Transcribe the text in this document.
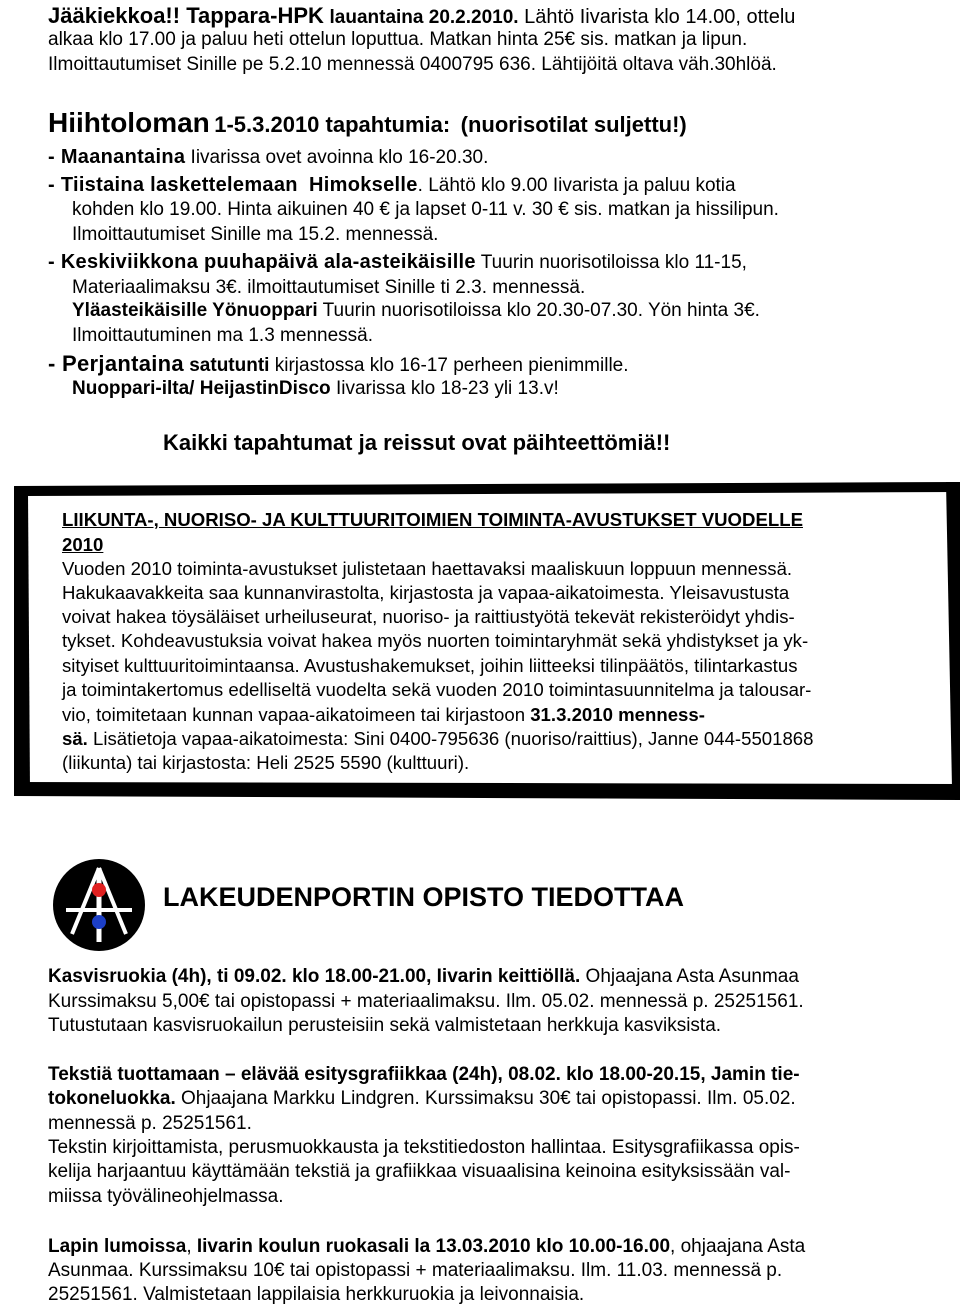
Jääkiekkoa!! Tappara-HPK lauantaina 20.2.2010. Lähtö Iivarista klo 14.00, ottelu
alkaa klo 17.00 ja paluu heti ottelun loputtua. Matkan hinta 25€ sis. matkan ja lipun.
Ilmoittautumiset Sinille pe 5.2.10 mennessä 0400795 636. Lähtijöitä oltava väh.30hlöä.
Hiihtoloman 1-5.3.2010 tapahtumia: (nuorisotilat suljettu!)
- Maanantaina Iivarissa ovet avoinna klo 16-20.30.
- Tiistaina laskettelemaan Himokselle. Lähtö klo 9.00 Iivarista ja paluu kotia
kohden klo 19.00. Hinta aikuinen 40 € ja lapset 0-11 v. 30 € sis. matkan ja hissilipun.
Ilmoittautumiset Sinille ma 15.2. mennessä.
- Keskiviikkona puuhapäivä ala-asteikäisille Tuurin nuorisotiloissa klo 11-15,
Materiaalimaksu 3€. ilmoittautumiset Sinille ti 2.3. mennessä.
Yläasteikäisille Yönuoppari Tuurin nuorisotiloissa klo 20.30-07.30. Yön hinta 3€.
Ilmoittautuminen ma 1.3 mennessä.
- Perjantaina satutunti kirjastossa klo 16-17 perheen pienimmille.
Nuoppari-ilta/ HeijastinDisco Iivarissa klo 18-23 yli 13.v!
Kaikki tapahtumat ja reissut ovat päihteettömiä!!
LIIKUNTA-, NUORISO- JA KULTTUURITOIMIEN TOIMINTA-AVUSTUKSET VUODELLE
2010
Vuoden 2010 toiminta-avustukset julistetaan haettavaksi maaliskuun loppuun mennessä.
Hakukaavakkeita saa kunnanvirastolta, kirjastosta ja vapaa-aikatoimesta. Yleisavustusta
voivat hakea töysäläiset urheiluseurat, nuoriso- ja raittiustyötä tekevät rekisteröidyt yhdis-
tykset. Kohdeavustuksia voivat hakea myös nuorten toimintaryhmät sekä yhdistykset ja yk-
sityiset kulttuuritoimintaansa. Avustushakemukset, joihin liitteeksi tilinpäätös, tilintarkastus
ja toimintakertomus edelliseltä vuodelta sekä vuoden 2010 toimintasuunnitelma ja talousar-
vio, toimitetaan kunnan vapaa-aikatoimeen tai kirjastoon 31.3.2010 menness-
sä. Lisätietoja vapaa-aikatoimesta: Sini 0400-795636 (nuoriso/raittius), Janne 044-5501868
(liikunta) tai kirjastosta: Heli 2525 5590 (kulttuuri).
LAKEUDENPORTIN OPISTO TIEDOTTAA
Kasvisruokia (4h), ti 09.02. klo 18.00-21.00, Iivarin keittiöllä. Ohjaajana Asta Asunmaa
Kurssimaksu 5,00€ tai opistopassi + materiaalimaksu. Ilm. 05.02. mennessä p. 25251561.
Tutustutaan kasvisruokailun perusteisiin sekä valmistetaan herkkuja kasviksista.
Tekstiä tuottamaan – elävää esitysgrafiikkaa (24h), 08.02. klo 18.00-20.15, Jamin tie-
tokoneluokka. Ohjaajana Markku Lindgren. Kurssimaksu 30€ tai opistopassi. Ilm. 05.02.
mennessä p. 25251561.
Tekstin kirjoittamista, perusmuokkausta ja tekstitiedoston hallintaa. Esitysgrafiikassa opis-
kelija harjaantuu käyttämään tekstiä ja grafiikkaa visuaalisina keinoina esityksissään val-
miissa työvälineohjelmassa.
Lapin lumoissa, Iivarin koulun ruokasali la 13.03.2010 klo 10.00-16.00, ohjaajana Asta
Asunmaa. Kurssimaksu 10€ tai opistopassi + materiaalimaksu. Ilm. 11.03. mennessä p.
25251561. Valmistetaan lappilaisia herkkuruokia ja leivonnaisia.
